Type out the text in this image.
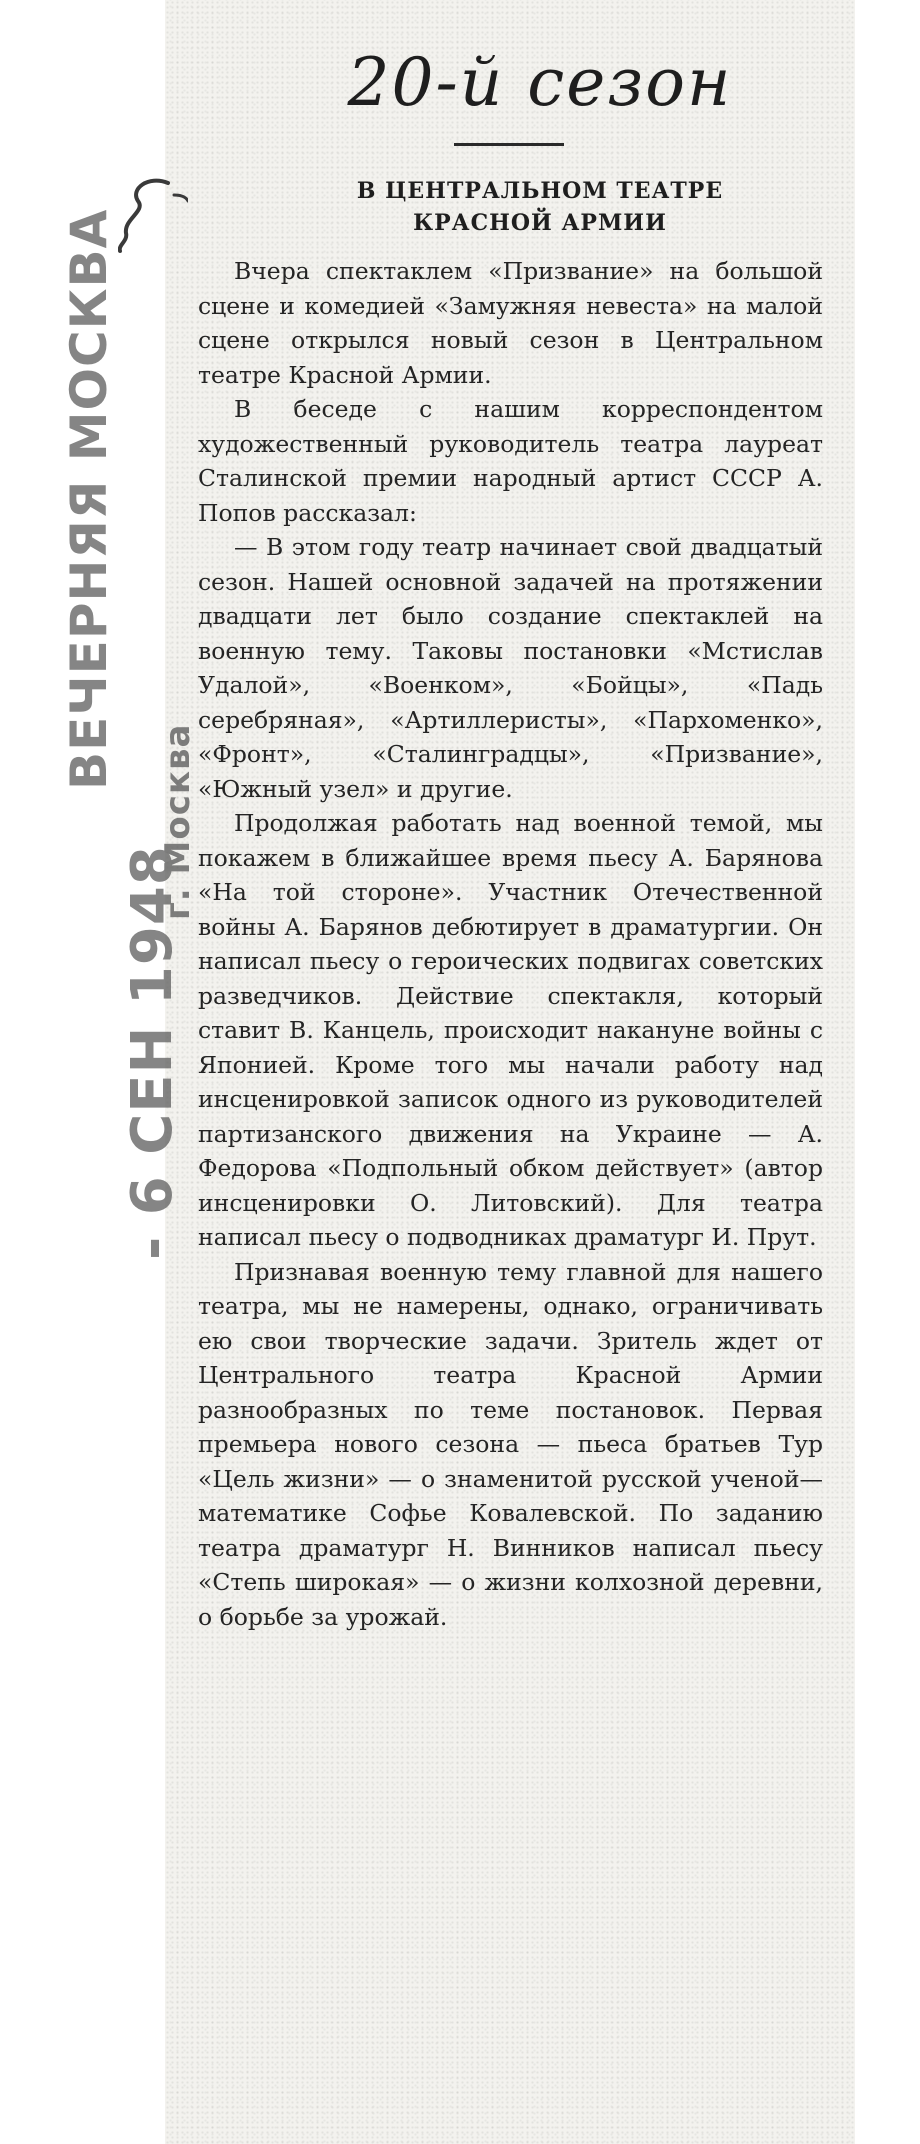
20-й сезон
В ЦЕНТРАЛЬНОМ ТЕАТРЕ
КРАСНОЙ АРМИИ

Вчера спектаклем «Призвание» на большой сцене и комедией «Замужняя невеста» на малой сцене открылся новый сезон в Центральном театре Красной Армии.

В беседе с нашим корреспондентом художественный руководитель театра лауреат Сталинской премии народный артист СССР А. Попов рассказал:

— В этом году театр начинает свой двадцатый сезон. Нашей основной задачей на протяжении двадцати лет было создание спектаклей на военную тему. Таковы постановки «Мстислав Удалой», «Военком», «Бойцы», «Падь серебряная», «Артиллеристы», «Пархоменко», «Фронт», «Сталинградцы», «Призвание», «Южный узел» и другие.

Продолжая работать над военной темой, мы покажем в ближайшее время пьесу А. Барянова «На той стороне». Участник Отечественной войны А. Барянов дебютирует в драматургии. Он написал пьесу о героических подвигах советских разведчиков. Действие спектакля, который ставит В. Канцель, происходит накануне войны с Японией. Кроме того мы начали работу над инсценировкой записок одного из руководителей партизанского движения на Украине — А. Федорова «Подпольный обком действует» (автор инсценировки О. Литовский). Для театра написал пьесу о подводниках драматург И. Прут.

Признавая военную тему главной для нашего театра, мы не намерены, однако, ограничивать ею свои творческие задачи. Зритель ждет от Центрального театра Красной Армии разнообразных по теме постановок. Первая премьера нового сезона — пьеса братьев Тур «Цель жизни» — о знаменитой русской ученой—математике Софье Ковалевской. По заданию театра драматург Н. Винников написал пьесу «Степь широкая» — о жизни колхозной деревни, о борьбе за урожай.

- 6 СЕН 1948
ВЕЧЕРНЯЯ МОСКВА
г. Москва
